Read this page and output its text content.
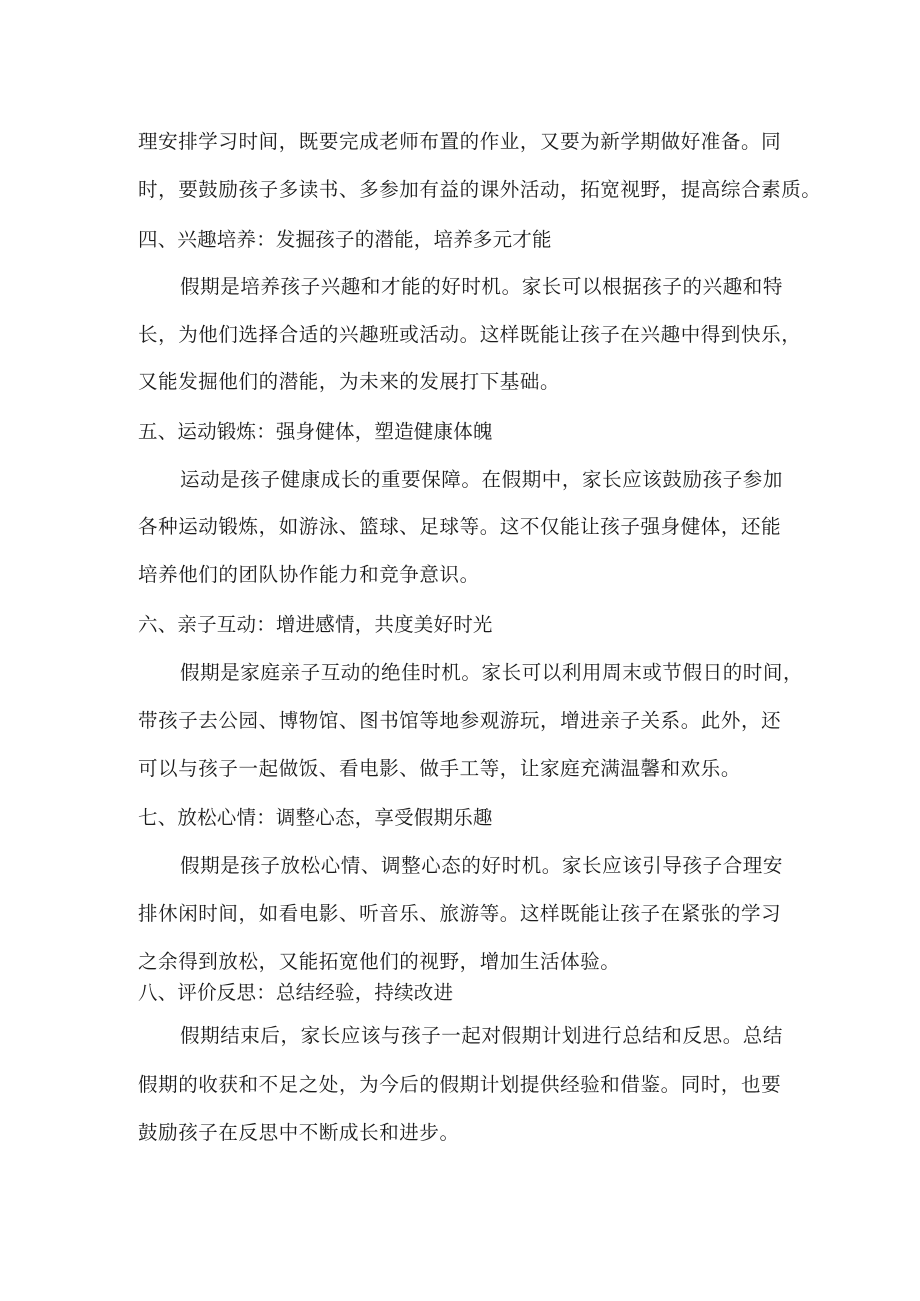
理安排学习时间，既要完成老师布置的作业，又要为新学期做好准备。同
时，要鼓励孩子多读书、多参加有益的课外活动，拓宽视野，提高综合素质。
四、兴趣培养：发掘孩子的潜能，培养多元才能
假期是培养孩子兴趣和才能的好时机。家长可以根据孩子的兴趣和特
长，为他们选择合适的兴趣班或活动。这样既能让孩子在兴趣中得到快乐，
又能发掘他们的潜能，为未来的发展打下基础。
五、运动锻炼：强身健体，塑造健康体魄
运动是孩子健康成长的重要保障。在假期中，家长应该鼓励孩子参加
各种运动锻炼，如游泳、篮球、足球等。这不仅能让孩子强身健体，还能
培养他们的团队协作能力和竞争意识。
六、亲子互动：增进感情，共度美好时光
假期是家庭亲子互动的绝佳时机。家长可以利用周末或节假日的时间，
带孩子去公园、博物馆、图书馆等地参观游玩，增进亲子关系。此外，还
可以与孩子一起做饭、看电影、做手工等，让家庭充满温馨和欢乐。
七、放松心情：调整心态，享受假期乐趣
假期是孩子放松心情、调整心态的好时机。家长应该引导孩子合理安
排休闲时间，如看电影、听音乐、旅游等。这样既能让孩子在紧张的学习
之余得到放松，又能拓宽他们的视野，增加生活体验。
八、评价反思：总结经验，持续改进
假期结束后，家长应该与孩子一起对假期计划进行总结和反思。总结
假期的收获和不足之处，为今后的假期计划提供经验和借鉴。同时，也要
鼓励孩子在反思中不断成长和进步。
